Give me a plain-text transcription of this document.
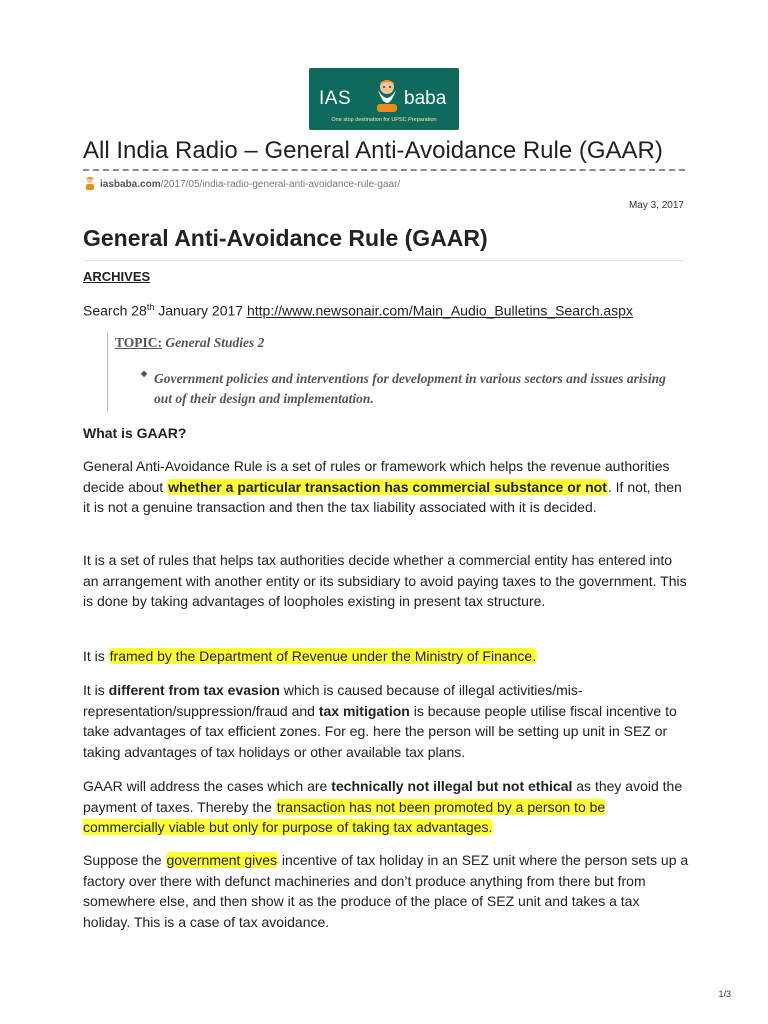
IAS	baba
One stop destination for UPSC Preparation
All India Radio – General Anti-Avoidance Rule (GAAR)
iasbaba.com/2017/05/india-radio-general-anti-avoidance-rule-gaar/
May 3, 2017
General Anti-Avoidance Rule (GAAR)
ARCHIVES
Search 28th January 2017 http://www.newsonair.com/Main_Audio_Bulletins_Search.aspx
TOPIC: General Studies 2
◆ Government policies and interventions for development in various sectors and issues arising out of their design and implementation.
What is GAAR?

General Anti-Avoidance Rule is a set of rules or framework which helps the revenue authorities decide about whether a particular transaction has commercial substance or not. If not, then it is not a genuine transaction and then the tax liability associated with it is decided.

It is a set of rules that helps tax authorities decide whether a commercial entity has entered into an arrangement with another entity or its subsidiary to avoid paying taxes to the government. This is done by taking advantages of loopholes existing in present tax structure.

It is framed by the Department of Revenue under the Ministry of Finance.

It is different from tax evasion which is caused because of illegal activities/mis-representation/suppression/fraud and tax mitigation is because people utilise fiscal incentive to take advantages of tax efficient zones. For eg. here the person will be setting up unit in SEZ or taking advantages of tax holidays or other available tax plans.

GAAR will address the cases which are technically not illegal but not ethical as they avoid the payment of taxes. Thereby the transaction has not been promoted by a person to be commercially viable but only for purpose of taking tax advantages.

Suppose the government gives incentive of tax holiday in an SEZ unit where the person sets up a factory over there with defunct machineries and don’t produce anything from there but from somewhere else, and then show it as the produce of the place of SEZ unit and takes a tax holiday. This is a case of tax avoidance.

1/3
